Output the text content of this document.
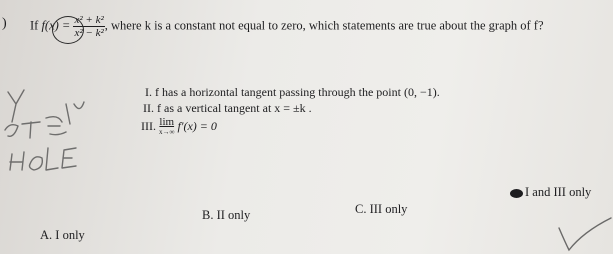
) If $f(x) = \frac{\text{x² + k²}}{\text{x² − k²}}$ , where k is a constant not equal to zero, which statements are true about the graph of f?
I. f has a horizontal tangent passing through the point (0, −1).
II. f as a vertical tangent at x = ±k .
III. lim
x→∞ f′(x) = 0
A. I only
B. II only	C. III only
I and III only
